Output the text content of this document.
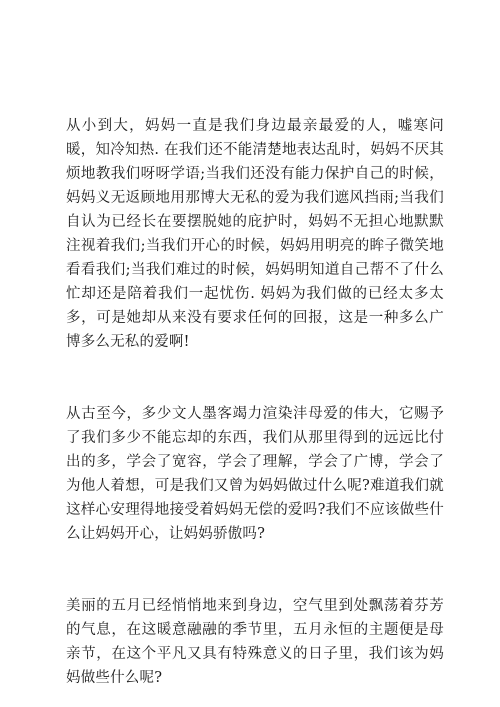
从小到大，妈妈一直是我们身边最亲最爱的人，嘘寒问暖，知冷知热. 在我们还不能清楚地表达乱时，妈妈不厌其烦地教我们呀呀学语;当我们还没有能力保护自己的时候，妈妈义无返顾地用那博大无私的爱为我们遮风挡雨;当我们自认为已经长在要摆脱她的庇护时，妈妈不无担心地默默注视着我们;当我们开心的时候，妈妈用明亮的眸子微笑地看看我们;当我们难过的时候，妈妈明知道自己帮不了什么忙却还是陪着我们一起忧伤. 妈妈为我们做的已经太多太多，可是她却从来没有要求任何的回报，这是一种多么广博多么无私的爱啊!

从古至今，多少文人墨客竭力渲染沣母爱的伟大，它赐予了我们多少不能忘却的东西，我们从那里得到的远远比付出的多，学会了宽容，学会了理解，学会了广博，学会了为他人着想，可是我们又曾为妈妈做过什么呢?难道我们就这样心安理得地接受着妈妈无偿的爱吗?我们不应该做些什么让妈妈开心，让妈妈骄傲吗?

美丽的五月已经悄悄地来到身边，空气里到处飘荡着芬芳的气息，在这暖意融融的季节里，五月永恒的主题便是母亲节，在这个平凡又具有特殊意义的日子里，我们该为妈妈做些什么呢?
